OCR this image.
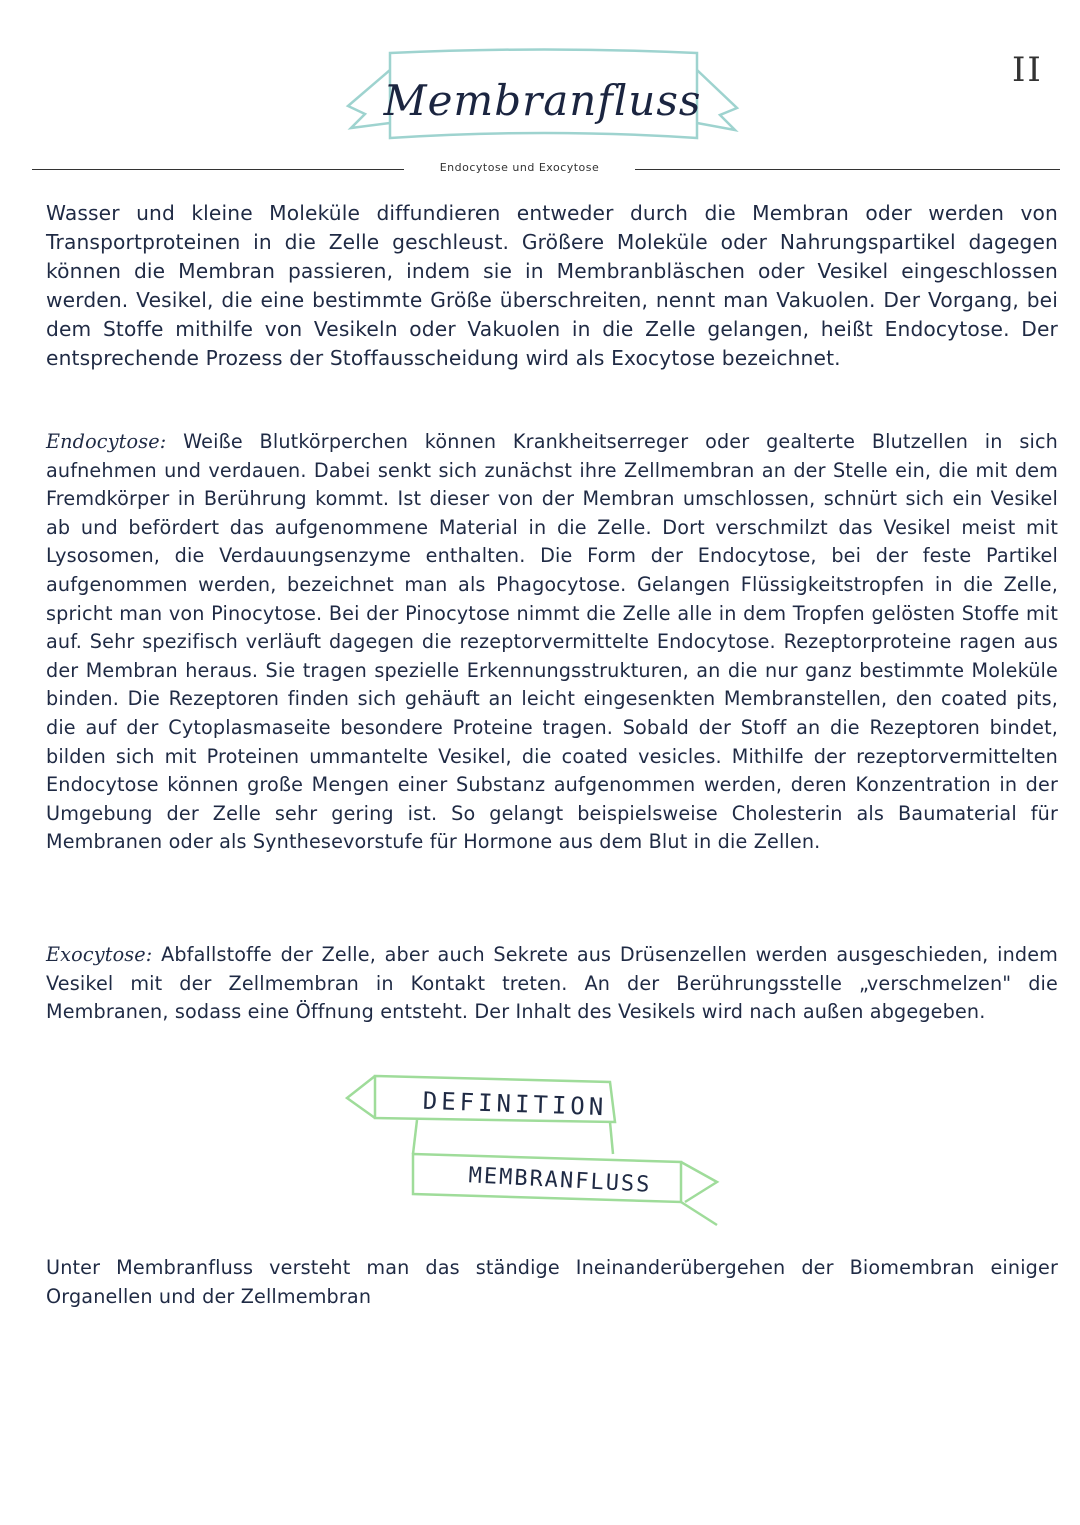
II
Membranfluss
Endocytose und Exocytose
Wasser und kleine Moleküle diffundieren entweder durch die Membran oder werden von Transportproteinen in die Zelle geschleust. Größere Moleküle oder Nahrungspartikel dagegen können die Membran passieren, indem sie in Membranbläschen oder Vesikel eingeschlossen werden. Vesikel, die eine bestimmte Größe überschreiten, nennt man Vakuolen. Der Vorgang, bei dem Stoffe mithilfe von Vesikeln oder Vakuolen in die Zelle gelangen, heißt Endocytose. Der entsprechende Prozess der Stoffausscheidung wird als Exocytose bezeichnet.
Endocytose: Weiße Blutkörperchen können Krankheitserreger oder gealterte Blutzellen in sich aufnehmen und verdauen. Dabei senkt sich zunächst ihre Zellmembran an der Stelle ein, die mit dem Fremdkörper in Berührung kommt. Ist dieser von der Membran umschlossen, schnürt sich ein Vesikel ab und befördert das aufgenommene Material in die Zelle. Dort verschmilzt das Vesikel meist mit Lysosomen, die Verdauungsenzyme enthalten. Die Form der Endocytose, bei der feste Partikel aufgenommen werden, bezeichnet man als Phagocytose. Gelangen Flüssigkeitstropfen in die Zelle, spricht man von Pinocytose. Bei der Pinocytose nimmt die Zelle alle in dem Tropfen gelösten Stoffe mit auf. Sehr spezifisch verläuft dagegen die rezeptorvermittelte Endocytose. Rezeptorproteine ragen aus der Membran heraus. Sie tragen spezielle Erkennungsstrukturen, an die nur ganz bestimmte Moleküle binden. Die Rezeptoren finden sich gehäuft an leicht eingesenkten Membranstellen, den coated pits, die auf der Cytoplasmaseite besondere Proteine tragen. Sobald der Stoff an die Rezeptoren bindet, bilden sich mit Proteinen ummantelte Vesikel, die coated vesicles. Mithilfe der rezeptorvermittelten Endocytose können große Mengen einer Substanz aufgenommen werden, deren Konzentration in der Umgebung der Zelle sehr gering ist. So gelangt beispielsweise Cholesterin als Baumaterial für Membranen oder als Synthesevorstufe für Hormone aus dem Blut in die Zellen.
Exocytose: Abfallstoffe der Zelle, aber auch Sekrete aus Drüsenzellen werden ausgeschieden, indem Vesikel mit der Zellmembran in Kontakt treten. An der Berührungsstelle „verschmelzen" die Membranen, sodass eine Öffnung entsteht. Der Inhalt des Vesikels wird nach außen abgegeben.
DEFINITION
MEMBRANFLUSS
Unter Membranfluss versteht man das ständige Ineinanderübergehen der Biomembran einiger Organellen und der Zellmembran
